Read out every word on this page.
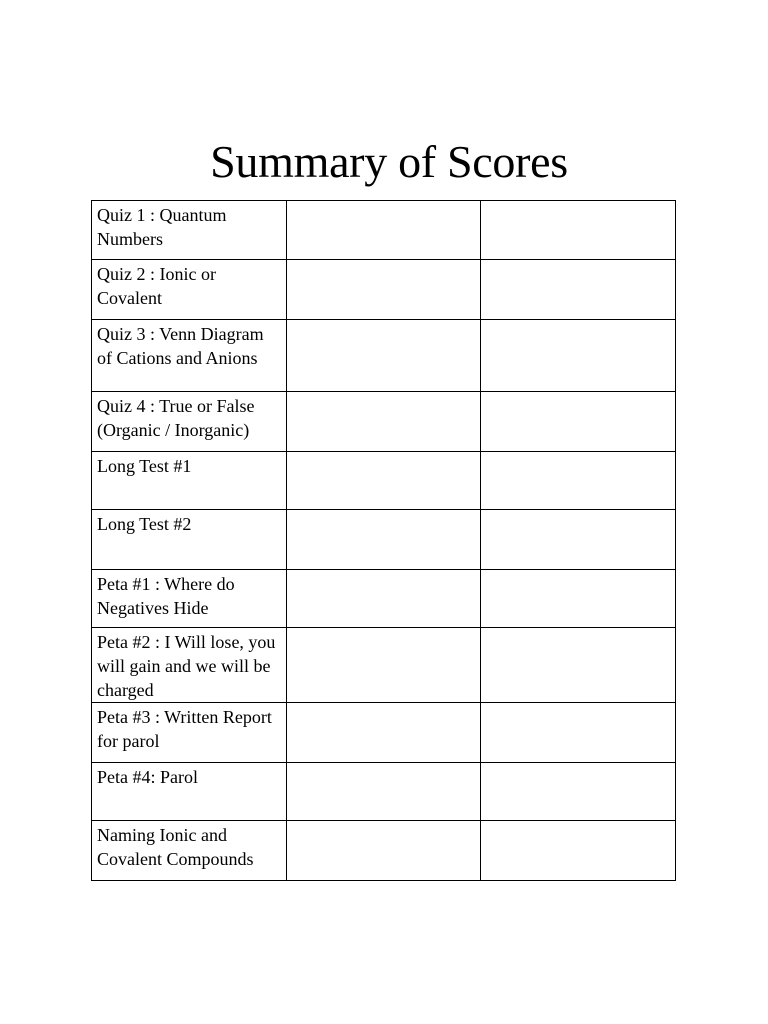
Summary of Scores
Quiz 1 : Quantum Numbers		
Quiz 2 : Ionic or Covalent		
Quiz 3 : Venn Diagram of Cations and Anions		
Quiz 4 : True or False (Organic / Inorganic)		
Long Test #1		
Long Test #2		
Peta #1 : Where do Negatives Hide		
Peta #2 : I Will lose, you will gain and we will be charged		
Peta #3 : Written Report for parol		
Peta #4: Parol		
Naming Ionic and Covalent Compounds		
